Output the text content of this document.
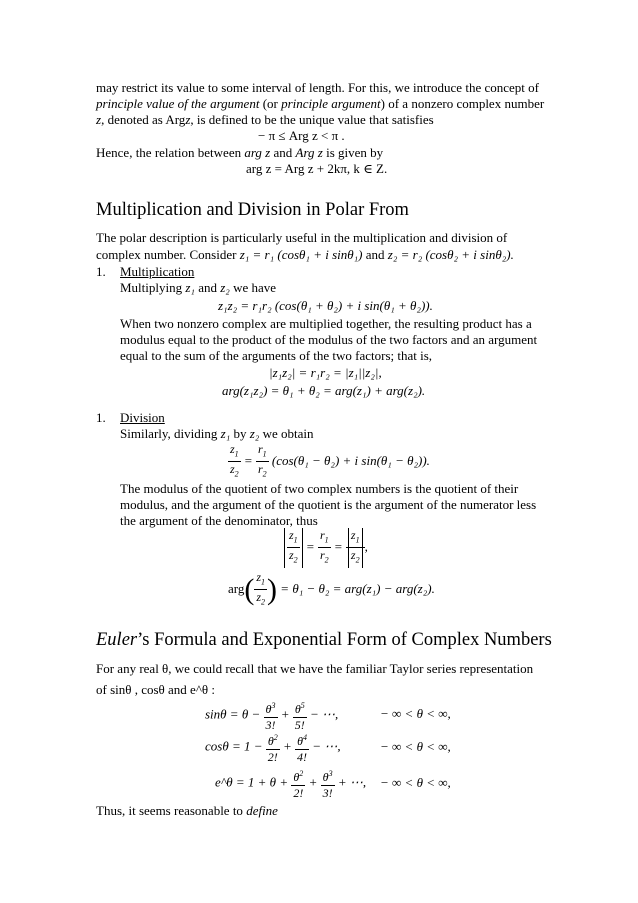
may restrict its value to some interval of length. For this, we introduce the concept of
principle value of the argument (or principle argument) of a nonzero complex number
z, denoted as Argz, is defined to be the unique value that satisfies
− π ≤ Arg z < π .
Hence, the relation between arg z and Arg z is given by
arg z = Arg z + 2kπ, k ∈ Z.
Multiplication and Division in Polar From
The polar description is particularly useful in the multiplication and division of
complex number. Consider z₁ = r₁ (cosθ₁ + i sinθ₁) and z₂ = r₂ (cosθ₂ + i sinθ₂).
1. Multiplication
Multiplying z₁ and z₂ we have
z₁z₂ = r₁r₂ (cos(θ₁ + θ₂) + i sin(θ₁ + θ₂)).
When two nonzero complex are multiplied together, the resulting product has a
modulus equal to the product of the modulus of the two factors and an argument
equal to the sum of the arguments of the two factors; that is,
|z₁z₂| = r₁r₂ = |z₁||z₂|,
arg(z₁z₂) = θ₁ + θ₂ = arg(z₁) + arg(z₂).
1. Division
Similarly, dividing z₁ by z₂ we obtain
$\frac{z_1}{z_2} = \frac{r_1}{r_2} (\cos(\theta_1 - \theta_2) + i$ sin(θ₁ − θ₂)).
The modulus of the quotient of two complex numbers is the quotient of their
modulus, and the argument of the quotient is the argument of the numerator less
the argument of the denominator, thus
$\frac{z_1}{z_2} = \frac{r_1}{r_2} = \frac{z_1}{z_2}$ ,
$arg( \frac{z_1}{z_2}$ ) = θ₁ − θ₂ = arg(z₁) − arg(z₂).
Euler’s Formula and Exponential Form of Complex Numbers
For any real θ, we could recall that we have the familiar Taylor series representation
of sinθ , cosθ and e^θ :
$\sin\theta = \theta - \frac{\theta^3}{3!} + \frac{\theta^5}{5!}$ − ⋯,	− ∞ < θ < ∞,
$\cos\theta = 1 - \frac{\theta^2}{2!} + \frac{\theta^4}{4!}$ − ⋯,	− ∞ < θ < ∞,
e^θ = $1 + \theta + \frac{\theta^2}{2!} + \frac{\theta^3}{3!}$ + ⋯, − ∞ < θ < ∞,
Thus, it seems reasonable to define
